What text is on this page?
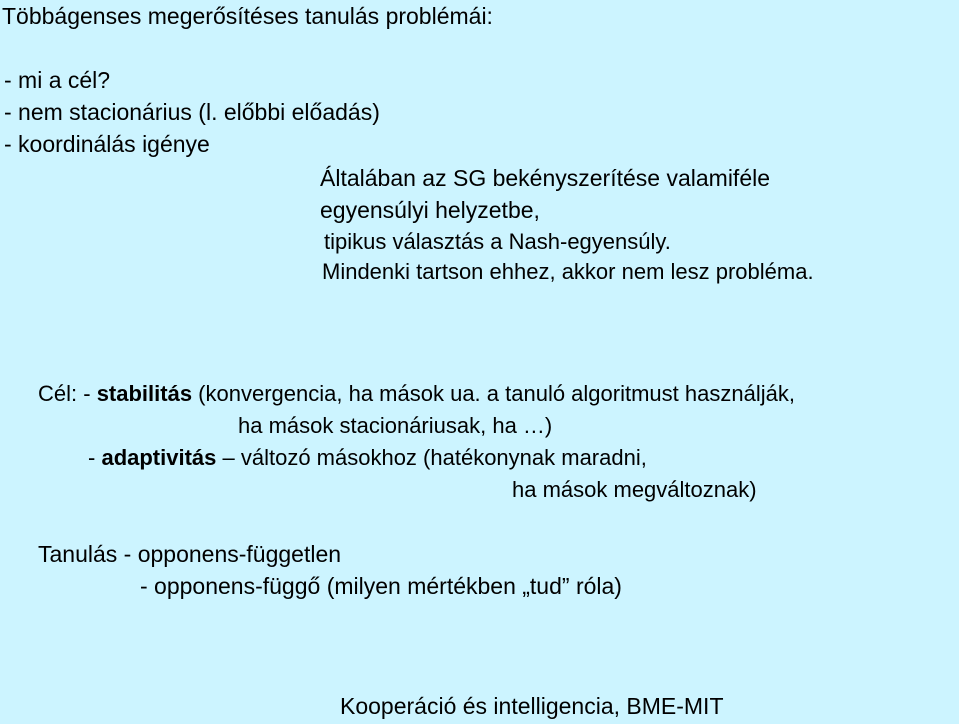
Többágenses megerősítéses tanulás problémái:
- mi a cél?
- nem stacionárius (l. előbbi előadás)
- koordinálás igénye
Általában az SG bekényszerítése valamiféle
egyensúlyi helyzetbe,
tipikus választás a Nash-egyensúly.
Mindenki tartson ehhez, akkor nem lesz probléma.
Cél: - stabilitás (konvergencia, ha mások ua. a tanuló algoritmust használják,
ha mások stacionáriusak, ha …)
- adaptivitás – változó másokhoz (hatékonynak maradni,
ha mások megváltoznak)
Tanulás - opponens-független
- opponens-függő (milyen mértékben „tud” róla)
Kooperáció és intelligencia, BME-MIT
